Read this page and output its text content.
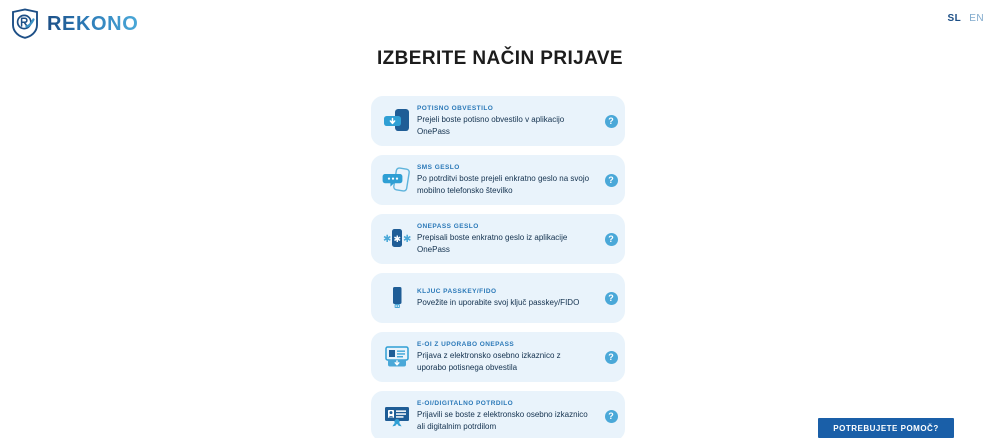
REKONO	SL EN
IZBERITE NAČIN PRIJAVE
POTISNO OBVESTILO
Prejeli boste potisno obvestilo v aplikacijo OnePass
?
SMS GESLO
Po potrditvi boste prejeli enkratno geslo na svojo mobilno telefonsko številko
?
✱ ✱ ✱
ONEPASS GESLO
Prepisali boste enkratno geslo iz aplikacije OnePass
?
KLJUČ PASSKEY/FIDO
Povežite in uporabite svoj ključ passkey/FIDO	?
E-OI Z UPORABO ONEPASS
Prijava z elektronsko osebno izkaznico z uporabo potisnega obvestila
?
E-OI/DIGITALNO POTRDILO
Prijavili se boste z elektronsko osebno izkaznico ali digitalnim potrdilom
?
POTREBUJETE POMOČ?
